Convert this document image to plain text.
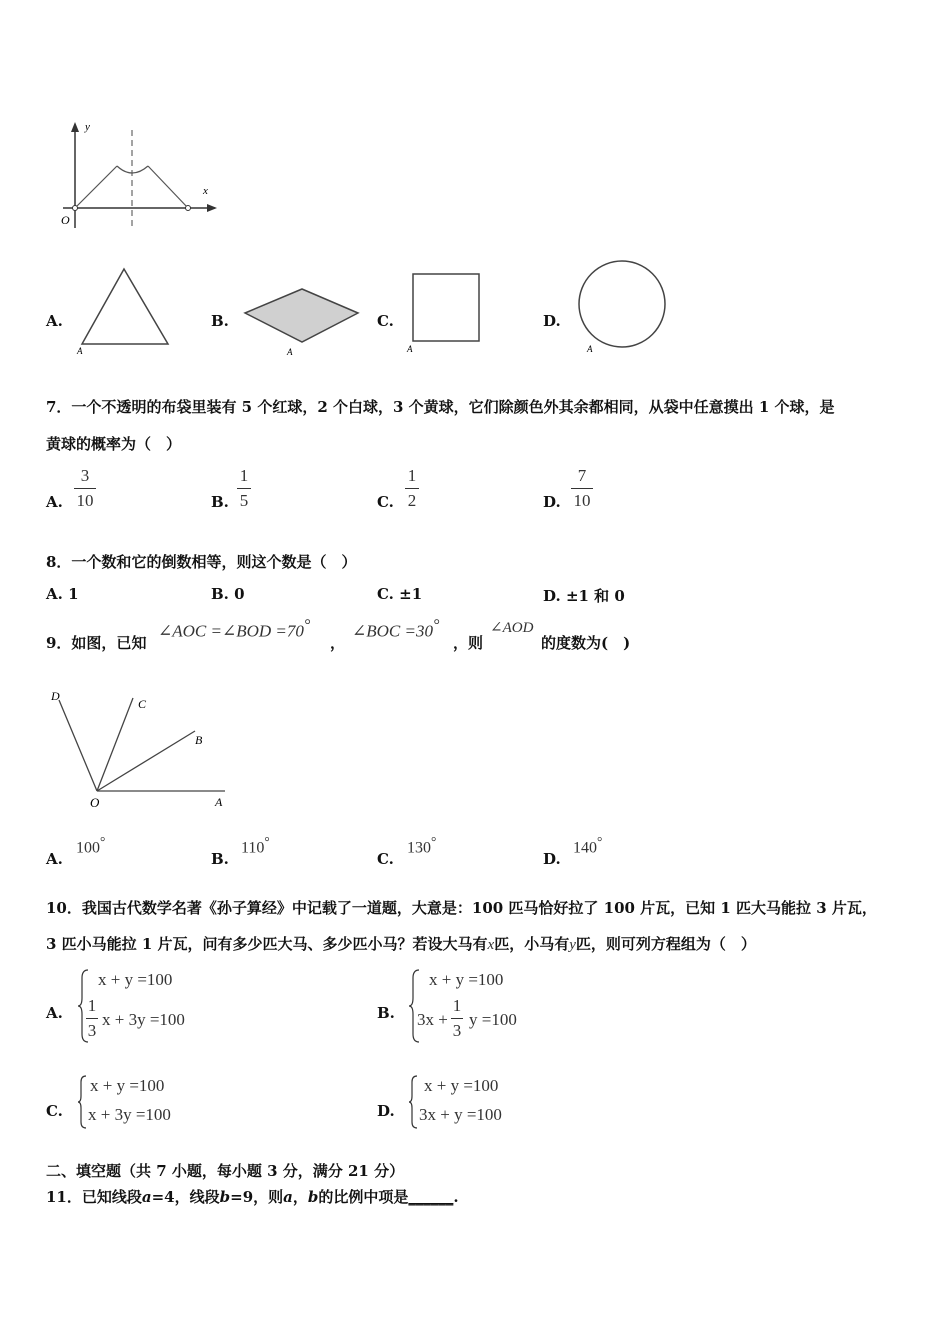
y
x
O
A.
A
B.
A
C.
A
D.
A
7．一个不透明的布袋里装有 5 个红球，2 个白球，3 个黄球，它们除颜色外其余都相同，从袋中任意摸出 1 个球，是
黄球的概率为（　）
A.
3
10	B.
1
5	C.
1
2	D.
7
10
8．一个数和它的倒数相等，则这个数是（　）
A. 1	B. 0	C. ±1	D. ±1 和 0
9．如图，已知
∠AOC =∠BOD =70°
，
∠BOC =30°
，则
∠AOD
的度数为(　)
D
C
B
O	A
A.
100°
B.
110°
C.
130°
D.
140°
10．我国古代数学名著《孙子算经》中记载了一道题，大意是：100 匹马恰好拉了 100 片瓦，已知 1 匹大马能拉 3 片瓦，
3 匹小马能拉 1 片瓦，问有多少匹大马、多少匹小马？若设大马有x匹，小马有y匹，则可列方程组为（　）
A.
x + y =100
1
3
x + 3y =100	B.
x + y =100
3x +
1
3
y =100
C.
x + y =100
x + 3y =100	D.
x + y =100
3x + y =100
二、填空题（共 7 小题，每小题 3 分，满分 21 分）
11．已知线段a=4，线段b=9，则a，b的比例中项是______.
